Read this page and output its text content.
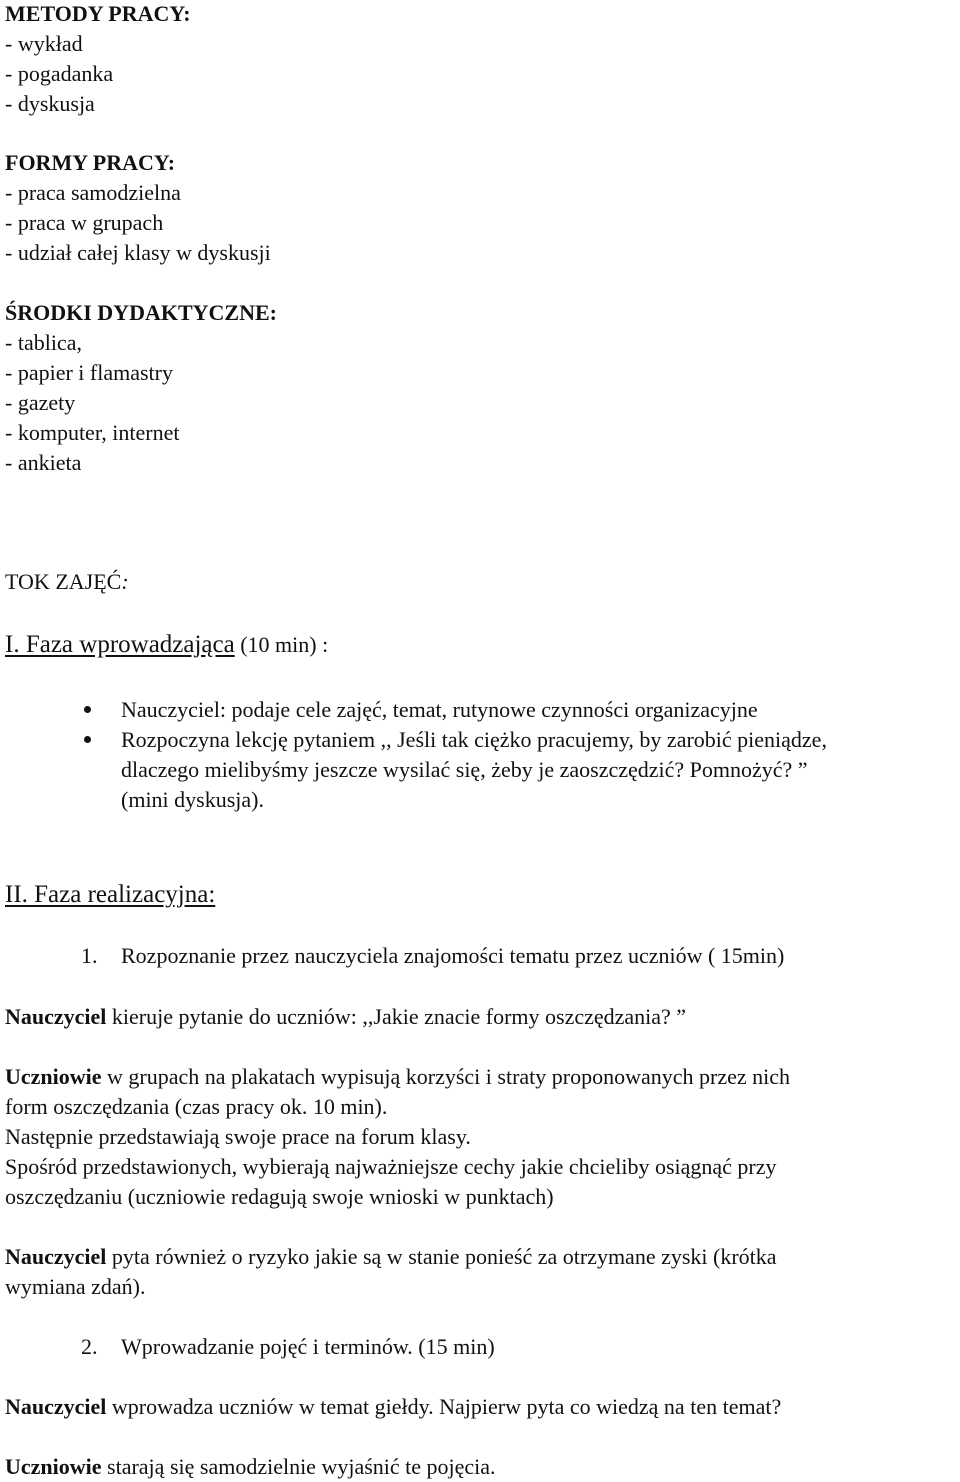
METODY PRACY:
- wykład
- pogadanka
- dyskusja
FORMY PRACY:
- praca samodzielna
- praca w grupach
- udział całej klasy w dyskusji
ŚRODKI DYDAKTYCZNE:
- tablica,
- papier i flamastry
- gazety
- komputer, internet
- ankieta
TOK ZAJĘĆ:
I. Faza wprowadzająca (10 min) :
Nauczyciel: podaje cele zajęć, temat, rutynowe czynności organizacyjne
Rozpoczyna lekcję pytaniem ,, Jeśli tak ciężko pracujemy, by zarobić pieniądze,
dlaczego mielibyśmy jeszcze wysilać się, żeby je zaoszczędzić? Pomnożyć? ”
(mini dyskusja).
II. Faza realizacyjna:
1. Rozpoznanie przez nauczyciela znajomości tematu przez uczniów ( 15min)
Nauczyciel kieruje pytanie do uczniów: ,,Jakie znacie formy oszczędzania? ”
Uczniowie w grupach na plakatach wypisują korzyści i straty proponowanych przez nich
form oszczędzania (czas pracy ok. 10 min).
Następnie przedstawiają swoje prace na forum klasy.
Spośród przedstawionych, wybierają najważniejsze cechy jakie chcieliby osiągnąć przy
oszczędzaniu (uczniowie redagują swoje wnioski w punktach)
Nauczyciel pyta również o ryzyko jakie są w stanie ponieść za otrzymane zyski (krótka
wymiana zdań).
2. Wprowadzanie pojęć i terminów. (15 min)
Nauczyciel wprowadza uczniów w temat giełdy. Najpierw pyta co wiedzą na ten temat?
Uczniowie starają się samodzielnie wyjaśnić te pojęcia.
